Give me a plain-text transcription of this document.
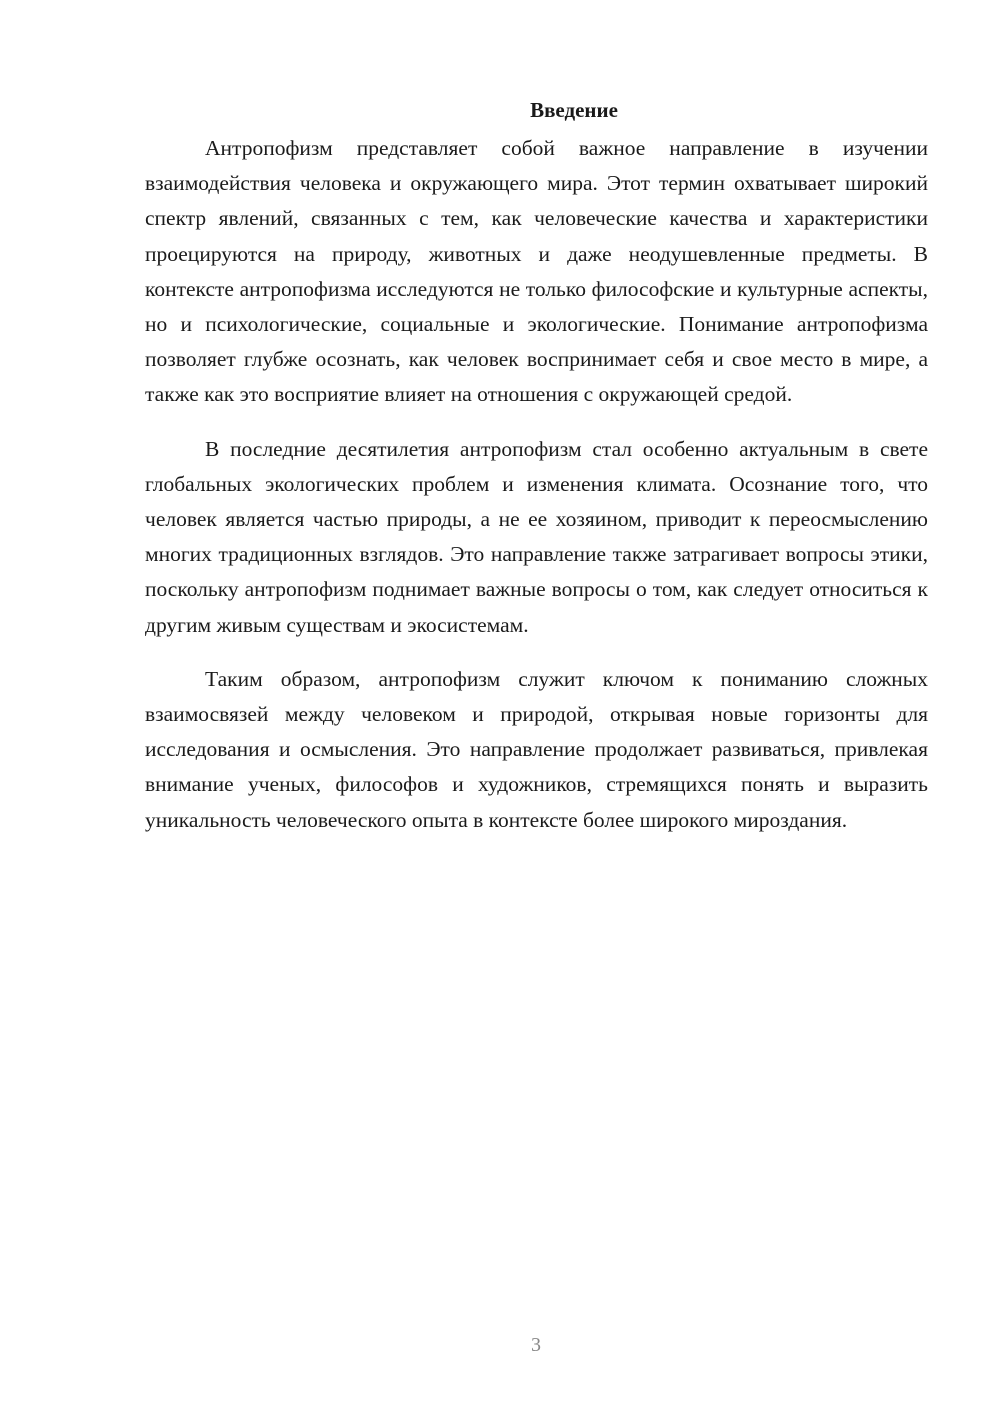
Введение

Антропофизм представляет собой важное направление в изучении взаимодействия человека и окружающего мира. Этот термин охватывает широкий спектр явлений, связанных с тем, как человеческие качества и характеристики проецируются на природу, животных и даже неодушевленные предметы. В контексте антропофизма исследуются не только философские и культурные аспекты, но и психологические, социальные и экологические. Понимание антропофизма позволяет глубже осознать, как человек воспринимает себя и свое место в мире, а также как это восприятие влияет на отношения с окружающей средой.

В последние десятилетия антропофизм стал особенно актуальным в свете глобальных экологических проблем и изменения климата. Осознание того, что человек является частью природы, а не ее хозяином, приводит к переосмыслению многих традиционных взглядов. Это направление также затрагивает вопросы этики, поскольку антропофизм поднимает важные вопросы о том, как следует относиться к другим живым существам и экосистемам.

Таким образом, антропофизм служит ключом к пониманию сложных взаимосвязей между человеком и природой, открывая новые горизонты для исследования и осмысления. Это направление продолжает развиваться, привлекая внимание ученых, философов и художников, стремящихся понять и выразить уникальность человеческого опыта в контексте более широкого мироздания.

3
